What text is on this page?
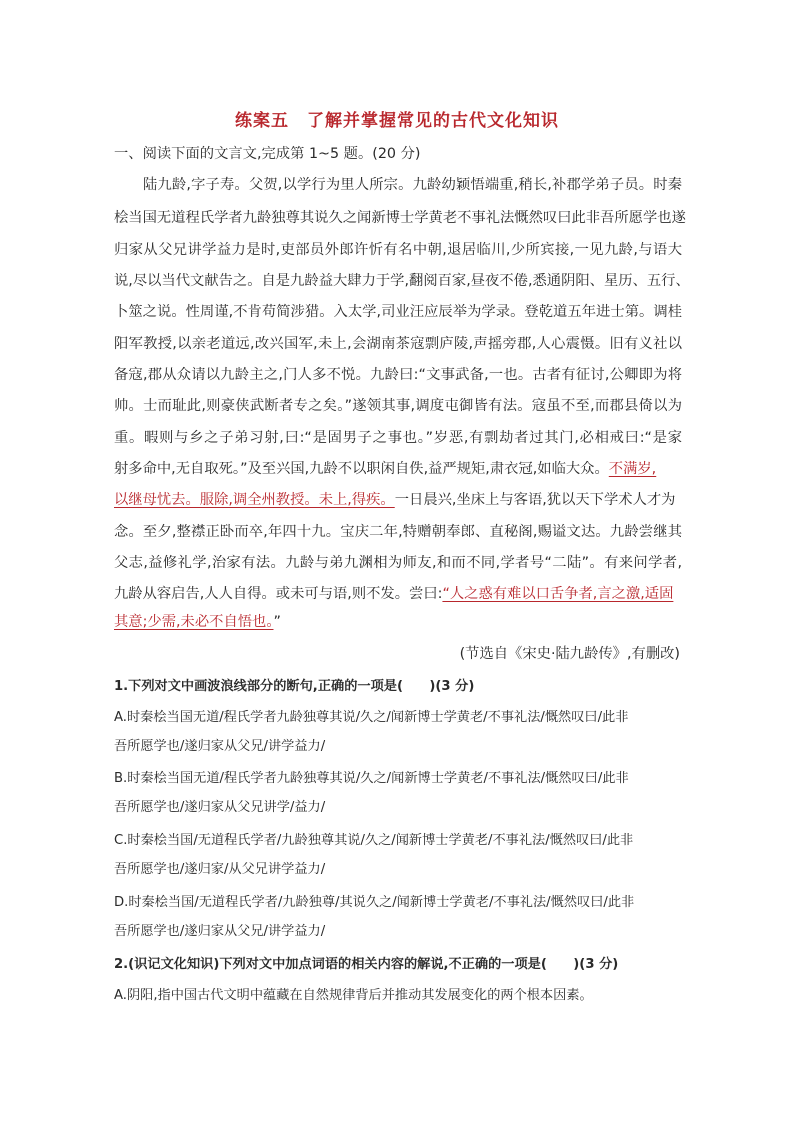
练案五　了解并掌握常见的古代文化知识
一、阅读下面的文言文,完成第 1~5 题。(20 分)
陆九龄,字子寿。父贺,以学行为里人所宗。九龄幼颖悟端重,稍长,补郡学弟子员。时秦
桧当国无道程氏学者九龄独尊其说久之闻新博士学黄老不事礼法慨然叹曰此非吾所愿学也遂
归家从父兄讲学益力是时,吏部员外郎许忻有名中朝,退居临川,少所宾接,一见九龄,与语大
说,尽以当代文献告之。自是九龄益大肆力于学,翻阅百家,昼夜不倦,悉通阴阳、星历、五行、
卜筮之说。性周谨,不肯苟简涉猎。入太学,司业汪应辰举为学录。登乾道五年进士第。调桂
阳军教授,以亲老道远,改兴国军,未上,会湖南茶寇剽庐陵,声摇旁郡,人心震慑。旧有义社以
备寇,郡从众请以九龄主之,门人多不悦。九龄曰:“文事武备,一也。古者有征讨,公卿即为将
帅。士而耻此,则豪侠武断者专之矣。”遂领其事,调度屯御皆有法。寇虽不至,而郡县倚以为
重。暇则与乡之子弟习射,曰:“是固男子之事也。”岁恶,有剽劫者过其门,必相戒曰:“是家
射多命中,无自取死。”及至兴国,九龄不以职闲自佚,益严规矩,肃衣冠,如临大众。不满岁,
以继母忧去。服除,调全州教授。未上,得疾。一日晨兴,坐床上与客语,犹以天下学术人才为
念。至夕,整襟正卧而卒,年四十九。宝庆二年,特赠朝奉郎、直秘阁,赐谥文达。九龄尝继其
父志,益修礼学,治家有法。九龄与弟九渊相为师友,和而不同,学者号“二陆”。有来问学者,
九龄从容启告,人人自得。或未可与语,则不发。尝曰:“人之惑有难以口舌争者,言之激,适固
其意;少需,未必不自悟也。”
(节选自《宋史·陆九龄传》,有删改)
1.下列对文中画波浪线部分的断句,正确的一项是(　　)(3 分)
A.时秦桧当国无道/程氏学者九龄独尊其说/久之/闻新博士学黄老/不事礼法/慨然叹曰/此非
吾所愿学也/遂归家从父兄/讲学益力/
B.时秦桧当国无道/程氏学者九龄独尊其说/久之/闻新博士学黄老/不事礼法/慨然叹曰/此非
吾所愿学也/遂归家从父兄讲学/益力/
C.时秦桧当国/无道程氏学者/九龄独尊其说/久之/闻新博士学黄老/不事礼法/慨然叹曰/此非
吾所愿学也/遂归家/从父兄讲学益力/
D.时秦桧当国/无道程氏学者/九龄独尊/其说久之/闻新博士学黄老/不事礼法/慨然叹曰/此非
吾所愿学也/遂归家从父兄/讲学益力/
2.(识记文化知识)下列对文中加点词语的相关内容的解说,不正确的一项是(　　)(3 分)
A.阴阳,指中国古代文明中蕴藏在自然规律背后并推动其发展变化的两个根本因素。
